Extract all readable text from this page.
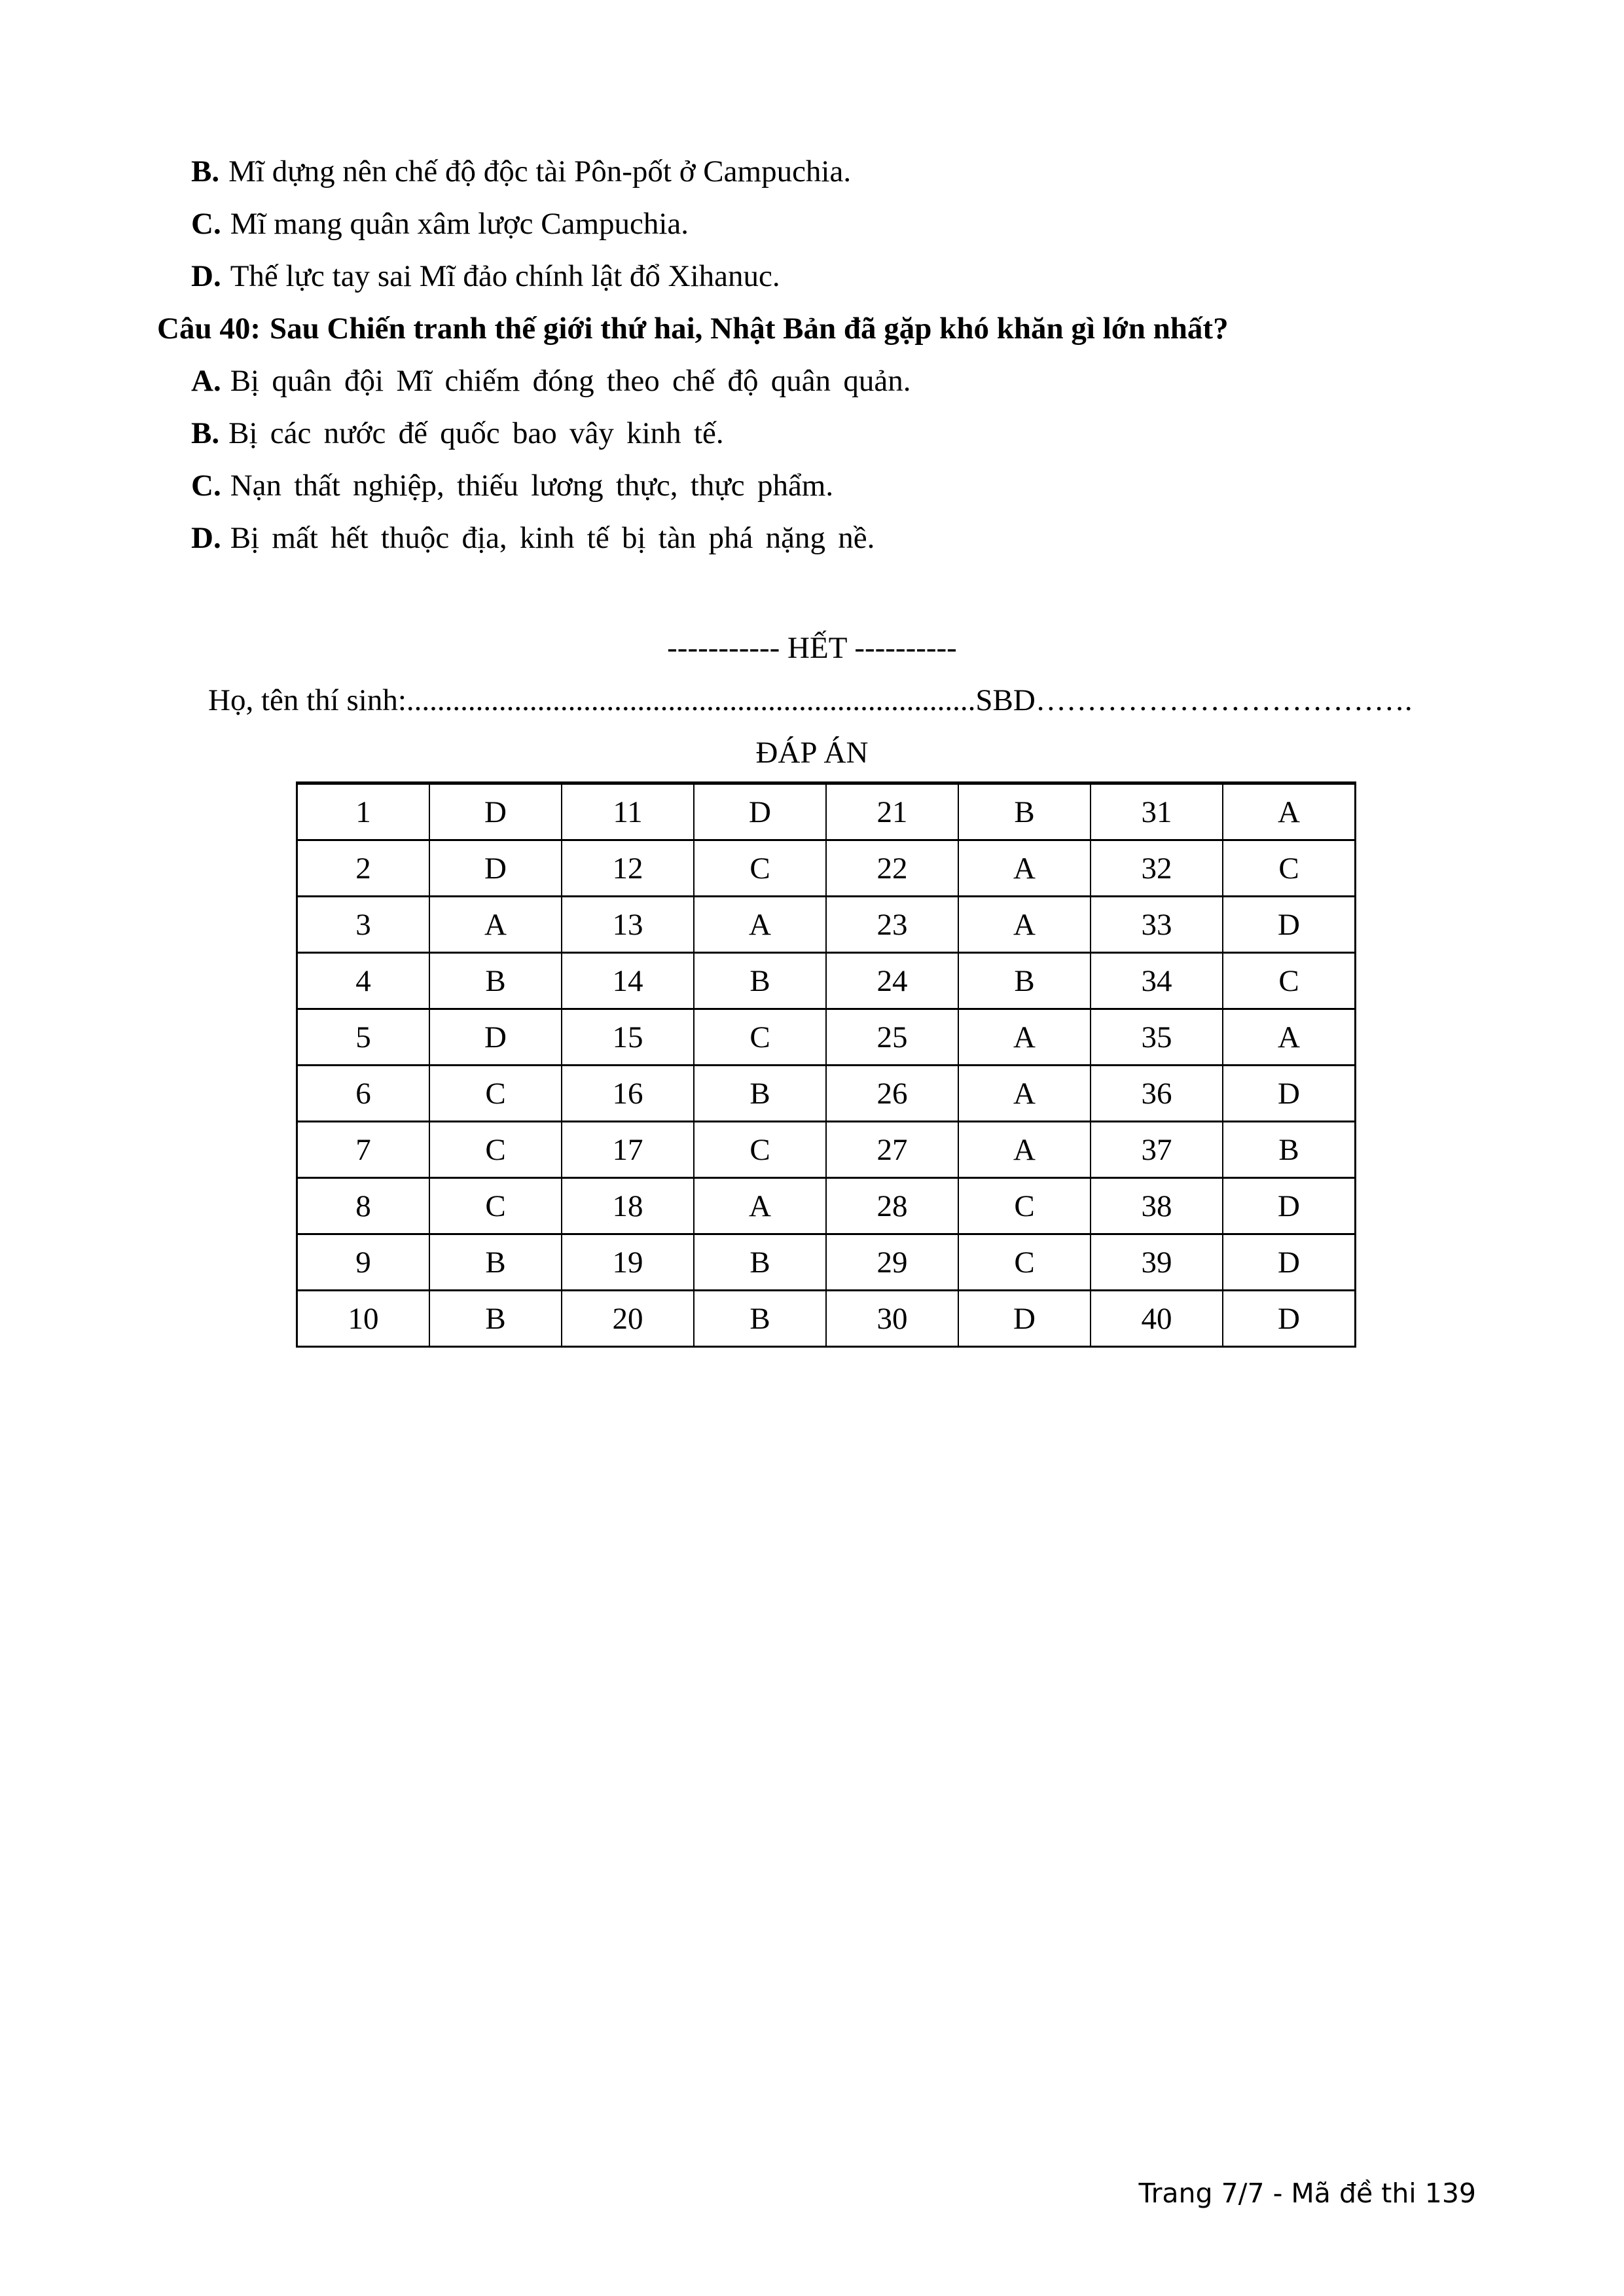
B. Mĩ dựng nên chế độ độc tài Pôn-pốt ở Campuchia.
C. Mĩ mang quân xâm lược Campuchia.
D. Thế lực tay sai Mĩ đảo chính lật đổ Xihanuc.
Câu 40: Sau Chiến tranh thế giới thứ hai, Nhật Bản đã gặp khó khăn gì lớn nhất?
A. Bị quân đội Mĩ chiếm đóng theo chế độ quân quản.
B. Bị các nước đế quốc bao vây kinh tế.
C. Nạn thất nghiệp, thiếu lương thực, thực phẩm.
D. Bị mất hết thuộc địa, kinh tế bị tàn phá nặng nề.
----------- HẾT ----------
Họ, tên thí sinh:..........................................................................SBD……………………………….
ĐÁP ÁN
1	D	11	D	21	B	31	A
2	D	12	C	22	A	32	C
3	A	13	A	23	A	33	D
4	B	14	B	24	B	34	C
5	D	15	C	25	A	35	A
6	C	16	B	26	A	36	D
7	C	17	C	27	A	37	B
8	C	18	A	28	C	38	D
9	B	19	B	29	C	39	D
10	B	20	B	30	D	40	D
Trang 7/7 - Mã đề thi 139
